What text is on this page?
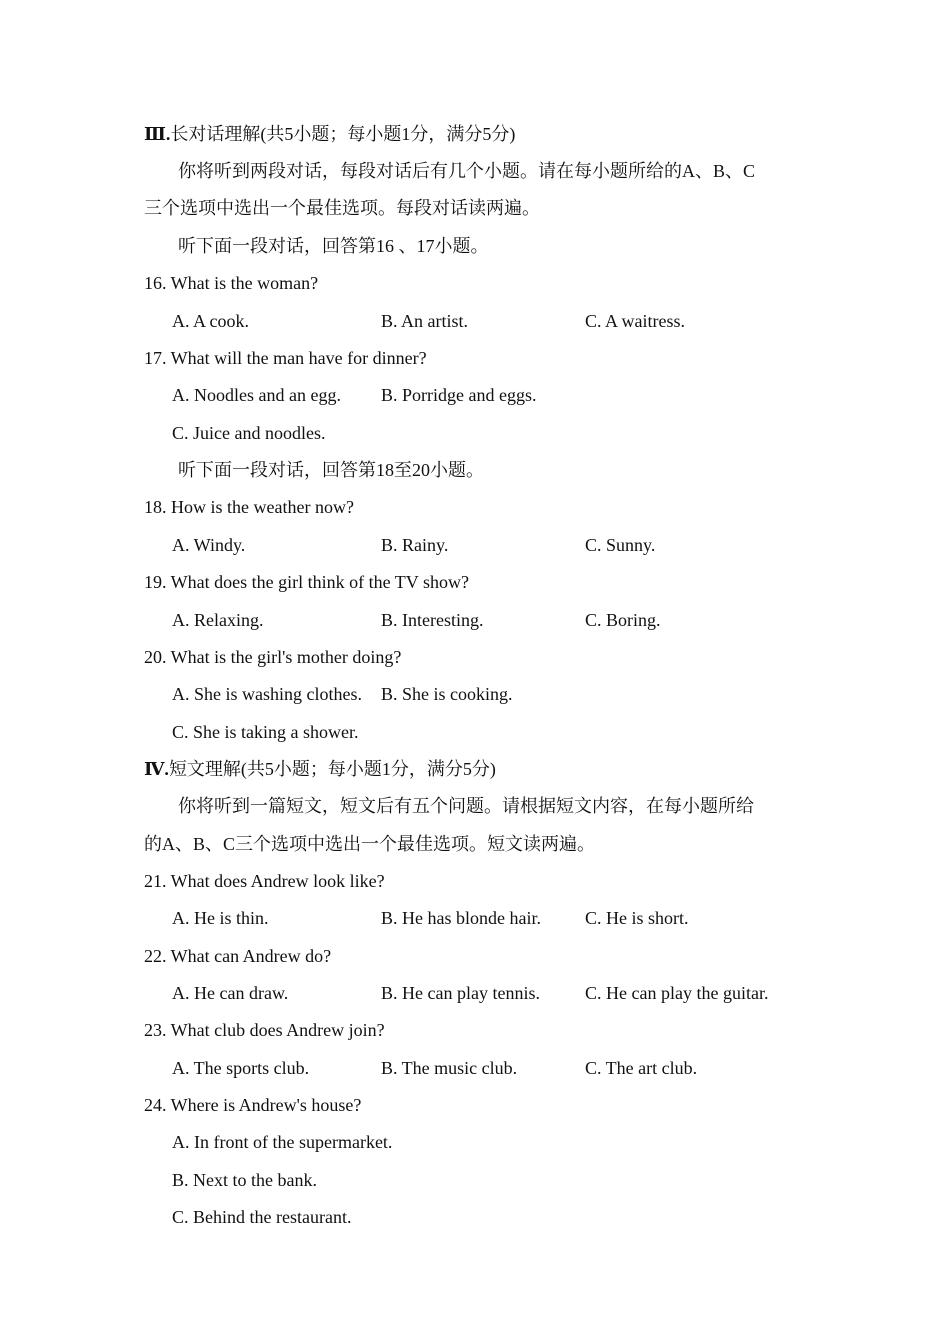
Ⅲ.长对话理解(共5小题；每小题1分，满分5分)
你将听到两段对话，每段对话后有几个小题。请在每小题所给的A、B、C
三个选项中选出一个最佳选项。每段对话读两遍。
听下面一段对话，回答第16 、17小题。
16. What is the woman?
A. A cook.	B. An artist.	C. A waitress.
17. What will the man have for dinner?
A. Noodles and an egg. B. Porridge and eggs.
C. Juice and noodles.
听下面一段对话，回答第18至20小题。
18. How is the weather now?
A. Windy.	B. Rainy.	C. Sunny.
19. What does the girl think of the TV show?
A. Relaxing.	B. Interesting.	C. Boring.
20. What is the girl's mother doing?
A. She is washing clothes. B. She is cooking.
C. She is taking a shower.
Ⅳ.短文理解(共5小题；每小题1分，满分5分)
你将听到一篇短文，短文后有五个问题。请根据短文内容，在每小题所给
的A、B、C三个选项中选出一个最佳选项。短文读两遍。
21. What does Andrew look like?
A. He is thin.	B. He has blonde hair. C. He is short.
22. What can Andrew do?
A. He can draw.	B. He can play tennis.	C. He can play the guitar.
23. What club does Andrew join?
A. The sports club.	B. The music club.	C. The art club.
24. Where is Andrew's house?
A. In front of the supermarket.
B. Next to the bank.
C. Behind the restaurant.
